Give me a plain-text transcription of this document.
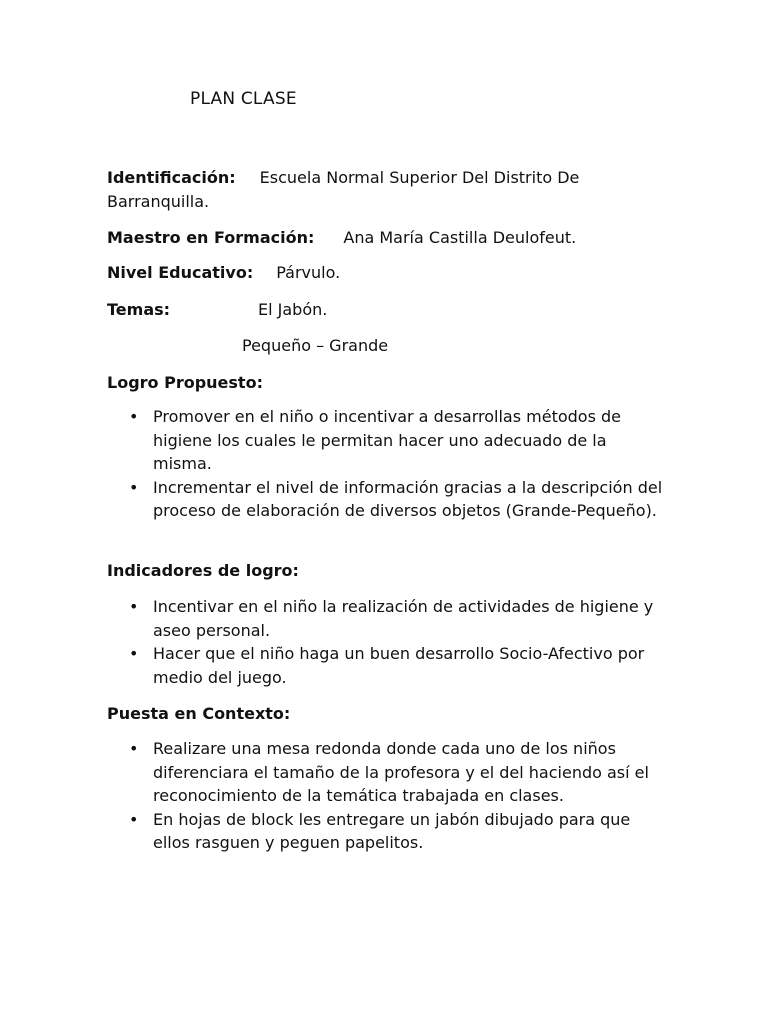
PLAN CLASE

Identificación: Escuela Normal Superior Del Distrito De Barranquilla.

Maestro en Formación: Ana María Castilla Deulofeut.

Nivel Educativo: Párvulo.

Temas:	El Jabón.

Pequeño – Grande

Logro Propuesto:

• Promover en el niño o incentivar a desarrollas métodos de higiene los cuales le permitan hacer uno adecuado de la misma.
• Incrementar el nivel de información gracias a la descripción del proceso de elaboración de diversos objetos (Grande-Pequeño).

Indicadores de logro:

• Incentivar en el niño la realización de actividades de higiene y aseo personal.
• Hacer que el niño haga un buen desarrollo Socio-Afectivo por medio del juego.

Puesta en Contexto:

• Realizare una mesa redonda donde cada uno de los niños diferenciara el tamaño de la profesora y el del haciendo así el reconocimiento de la temática trabajada en clases.
• En hojas de block les entregare un jabón dibujado para que ellos rasguen y peguen papelitos.
